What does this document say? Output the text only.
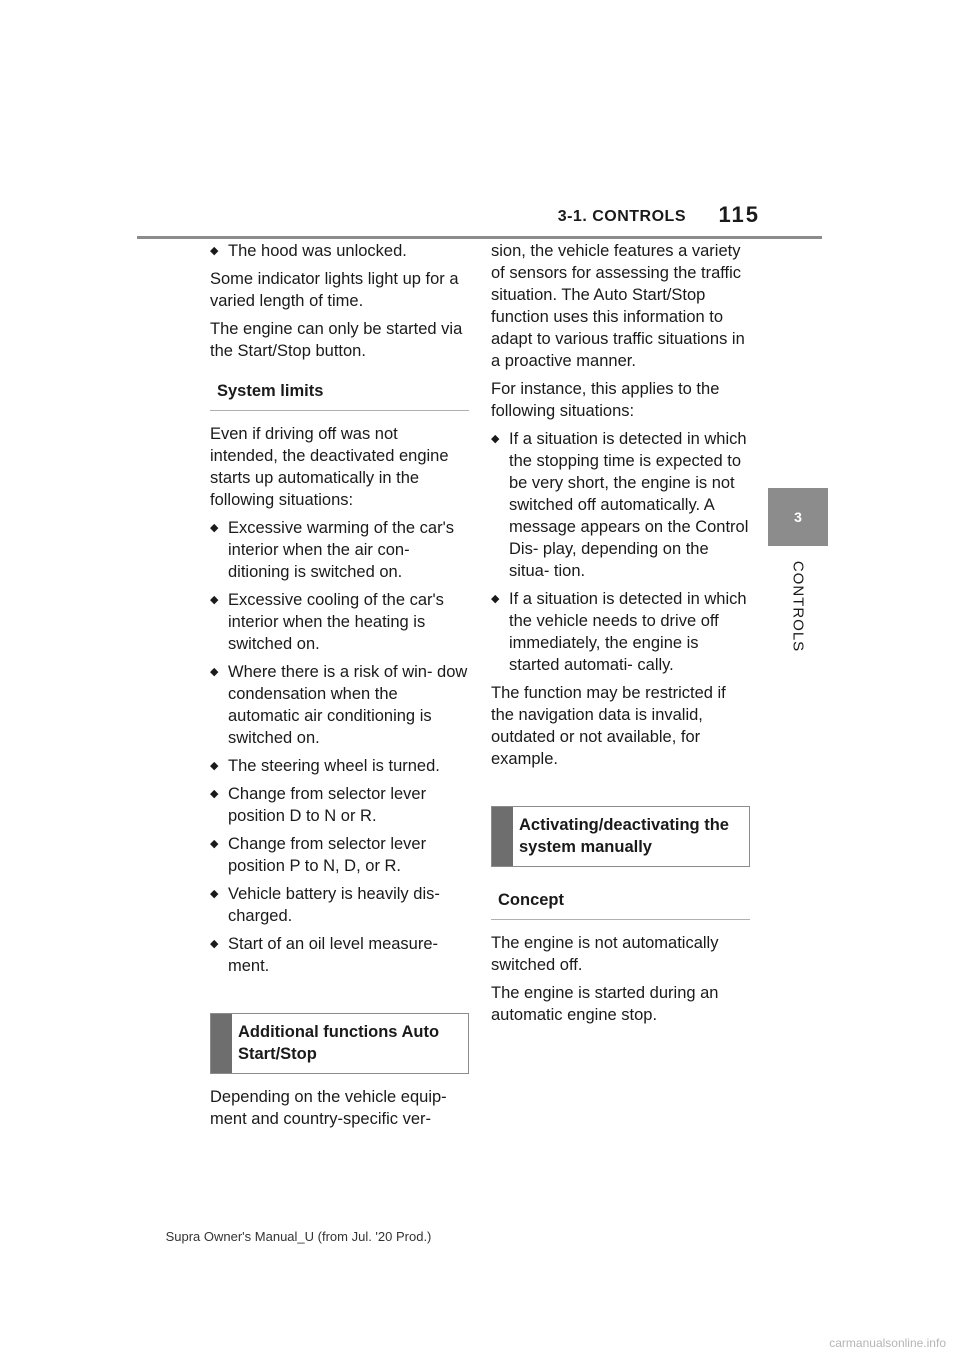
3-1. CONTROLS 115
3
CONTROLS
◆ The hood was unlocked.

Some indicator lights light up for a varied length of time.

The engine can only be started via the Start/Stop button.

System limits

Even if driving off was not intended, the deactivated engine starts up automatically in the following situations:

◆ Excessive warming of the car's interior when the air con- ditioning is switched on.
◆ Excessive cooling of the car's interior when the heating is switched on.
◆ Where there is a risk of win- dow condensation when the automatic air conditioning is switched on.
◆ The steering wheel is turned.
◆ Change from selector lever position D to N or R.
◆ Change from selector lever position P to N, D, or R.
◆ Vehicle battery is heavily dis- charged.
◆ Start of an oil level measure- ment.
Additional functions Auto Start/Stop

Depending on the vehicle equip- ment and country-specific ver-

sion, the vehicle features a variety of sensors for assessing the traffic situation. The Auto Start/Stop function uses this information to adapt to various traffic situations in a proactive manner.

For instance, this applies to the following situations:

◆ If a situation is detected in which the stopping time is expected to be very short, the engine is not switched off automatically. A message appears on the Control Dis- play, depending on the situa- tion.
◆ If a situation is detected in which the vehicle needs to drive off immediately, the engine is started automati- cally.

The function may be restricted if the navigation data is invalid, outdated or not available, for example.

Activating/deactivating the system manually
Concept

The engine is not automatically switched off.

The engine is started during an automatic engine stop.

Supra Owner's Manual_U (from Jul. '20 Prod.)
carmanualsonline.info
